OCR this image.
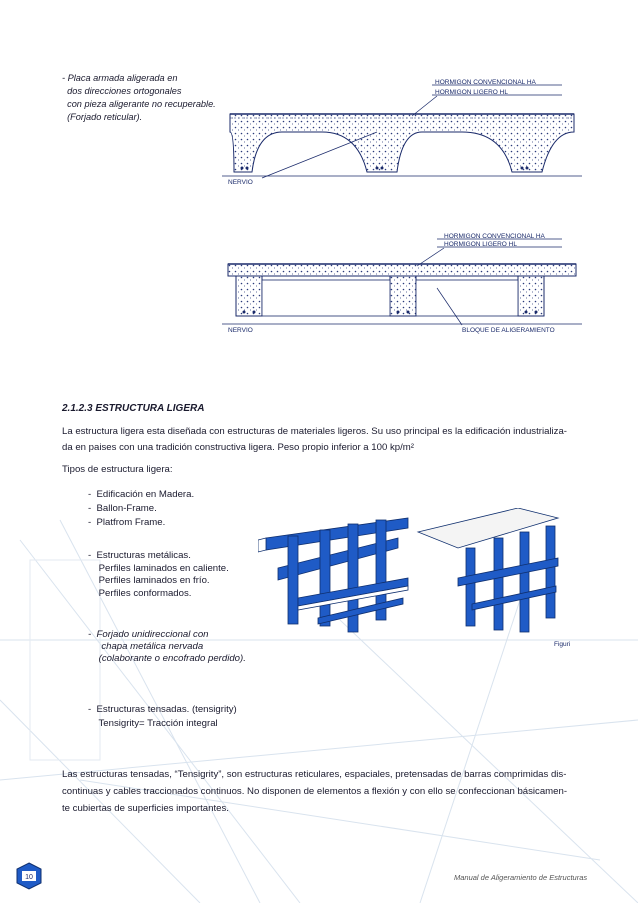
- Placa armada aligerada en
dos direcciones ortogonales
con pieza aligerante no recuperable.
(Forjado reticular).
HORMIGON CONVENCIONAL HA
HORMIGON LIGERO HL
NERVIO
HORMIGON CONVENCIONAL HA
HORMIGON LIGERO HL
NERVIO	BLOQUE DE ALIGERAMIENTO
2.1.2.3 ESTRUCTURA LIGERA
La estructura ligera esta diseñada con estructuras de materiales ligeros. Su uso principal es la edificación industrializa-
da en paises con una tradición constructiva ligera. Peso propio inferior a 100 kp/m²
Tipos de estructura ligera:
-  Edificación en Madera.
-  Ballon-Frame.
-  Platfrom Frame.
-  Estructuras metálicas.
Perfiles laminados en caliente.
Perfiles laminados en frío.
Perfiles conformados.
-  Forjado unidireccional con
chapa metálica nervada
(colaborante o encofrado perdido).
-  Estructuras tensadas. (tensigrity)
Tensigrity= Tracción integral
Figuri
Las estructuras tensadas, “Tensigrity”, son estructuras reticulares, espaciales, pretensadas de barras comprimidas dis-
continuas y cables traccionados continuos. No disponen de elementos a flexión y con ello se confeccionan básicamen-
te cubiertas de superficies importantes.
10	Manual de Aligeramiento de Estructuras
